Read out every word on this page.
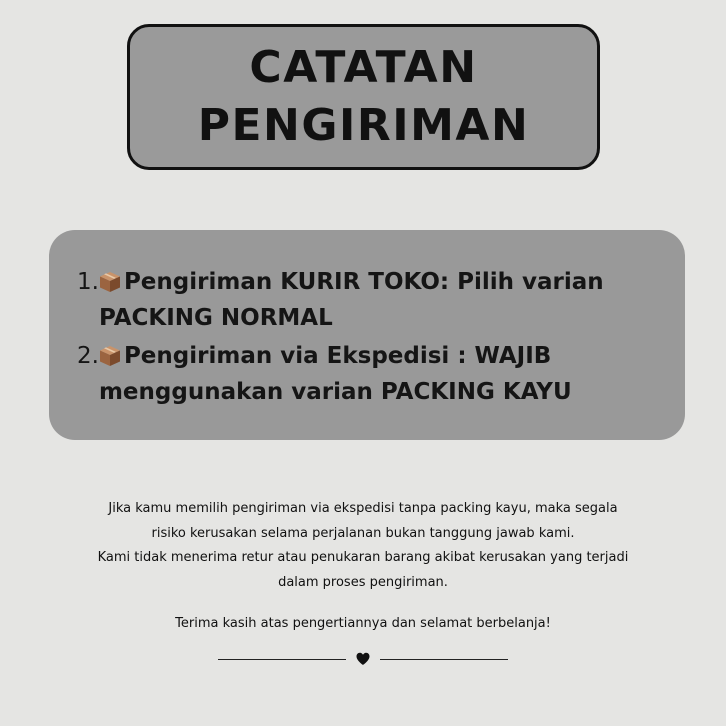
CATATAN
PENGIRIMAN
1.	Pengiriman KURIR TOKO: Pilih varian
PACKING NORMAL
2.	Pengiriman via Ekspedisi : WAJIB
menggunakan varian PACKING KAYU
Jika kamu memilih pengiriman via ekspedisi tanpa packing kayu, maka segala
risiko kerusakan selama perjalanan bukan tanggung jawab kami.
Kami tidak menerima retur atau penukaran barang akibat kerusakan yang terjadi
dalam proses pengiriman.
Terima kasih atas pengertiannya dan selamat berbelanja!
